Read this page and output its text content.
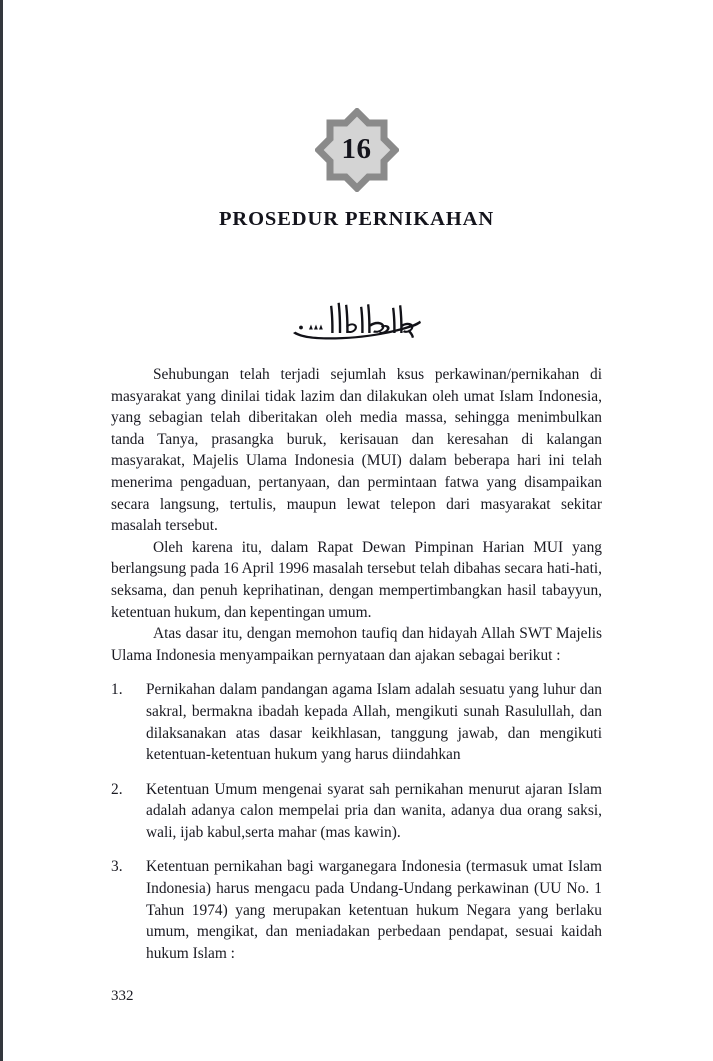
16
PROSEDUR PERNIKAHAN

Sehubungan telah terjadi sejumlah ksus perkawinan/pernikahan di masyarakat yang dinilai tidak lazim dan dilakukan oleh umat Islam Indonesia, yang sebagian telah diberitakan oleh media massa, sehingga menimbulkan tanda Tanya, prasangka buruk, kerisauan dan keresahan di kalangan masyarakat, Majelis Ulama Indonesia (MUI) dalam beberapa hari ini telah menerima pengaduan, pertanyaan, dan permintaan fatwa yang disampaikan secara langsung, tertulis, maupun lewat telepon dari masyarakat sekitar masalah tersebut.

Oleh karena itu, dalam Rapat Dewan Pimpinan Harian MUI yang berlangsung pada 16 April 1996 masalah tersebut telah dibahas secara hati-hati, seksama, dan penuh keprihatinan, dengan mempertimbangkan hasil tabayyun, ketentuan hukum, dan kepentingan umum.

Atas dasar itu, dengan memohon taufiq dan hidayah Allah SWT Majelis Ulama Indonesia menyampaikan pernyataan dan ajakan sebagai berikut :

1. Pernikahan dalam pandangan agama Islam adalah sesuatu yang luhur dan sakral, bermakna ibadah kepada Allah, mengikuti sunah Rasulullah, dan dilaksanakan atas dasar keikhlasan, tanggung jawab, dan mengikuti ketentuan-ketentuan hukum yang harus diindahkan
2. Ketentuan Umum mengenai syarat sah pernikahan menurut ajaran Islam adalah adanya calon mempelai pria dan wanita, adanya dua orang saksi, wali, ijab kabul,serta mahar (mas kawin).
3. Ketentuan pernikahan bagi warganegara Indonesia (termasuk umat Islam Indonesia) harus mengacu pada Undang-Undang perkawinan (UU No. 1 Tahun 1974) yang merupakan ketentuan hukum Negara yang berlaku umum, mengikat, dan meniadakan perbedaan pendapat, sesuai kaidah hukum Islam :
332
